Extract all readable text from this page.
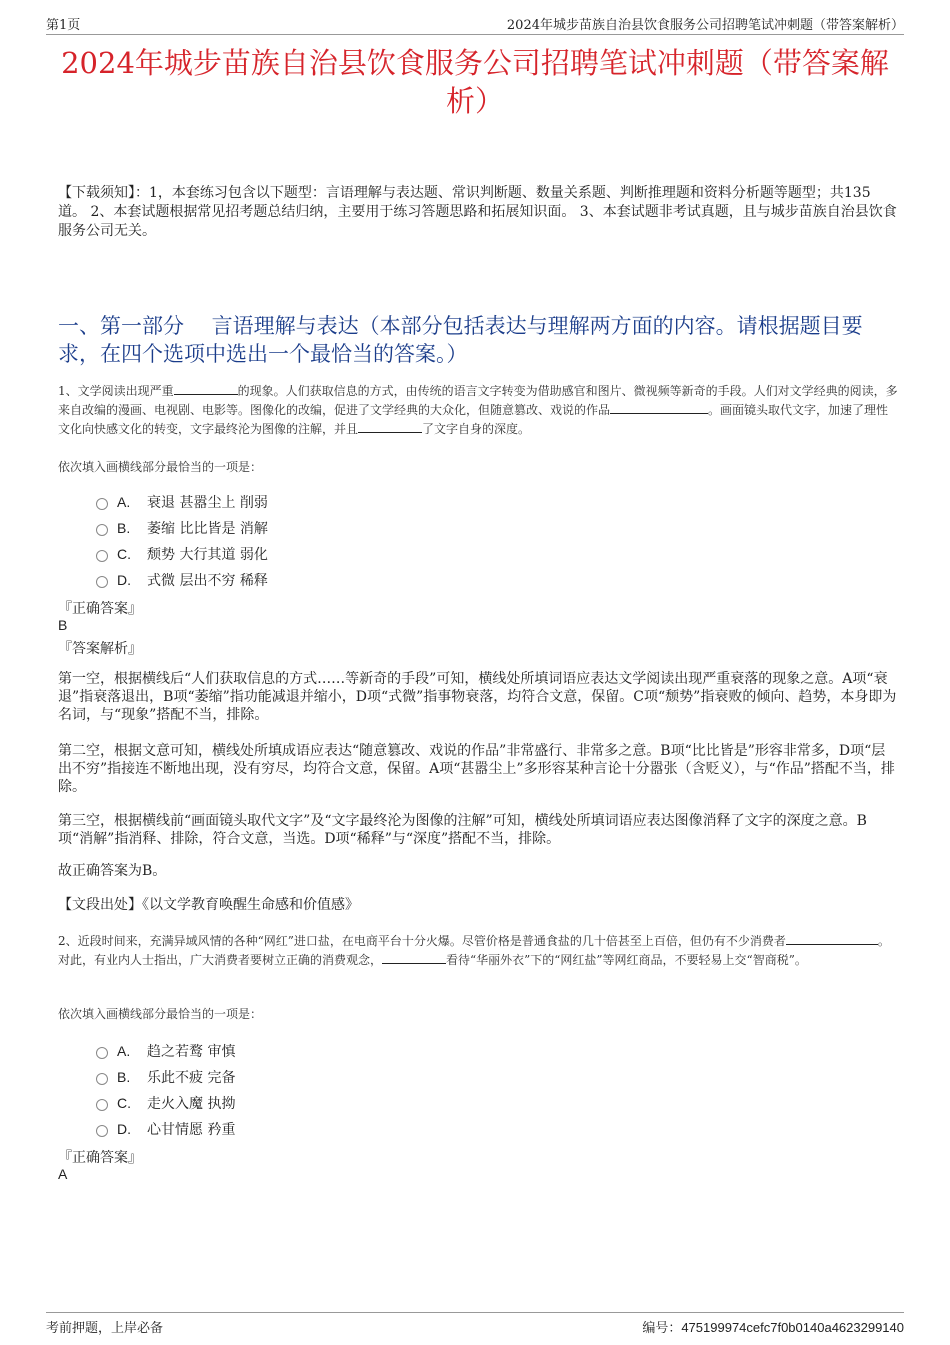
第1页	2024年城步苗族自治县饮食服务公司招聘笔试冲刺题（带答案解析）
2024年城步苗族自治县饮食服务公司招聘笔试冲刺题（带答案解析）
【下载须知】：1，本套练习包含以下题型：言语理解与表达题、常识判断题、数量关系题、判断推理题和资料分析题等题型；共135道。 2、本套试题根据常见招考题总结归纳，主要用于练习答题思路和拓展知识面。 3、本套试题非考试真题，且与城步苗族自治县饮食服务公司无关。
一、第一部分　 言语理解与表达（本部分包括表达与理解两方面的内容。请根据题目要求，在四个选项中选出一个最恰当的答案。）
1、文学阅读出现严重	的现象。人们获取信息的方式，由传统的语言文字转变为借助感官和图片、微视频等新奇的手段。人们对文学经典的阅读，多来自改编的漫画、电视剧、电影等。图像化的改编，促进了文学经典的大众化，但随意篡改、戏说的作品	。画面镜头取代文字，加速了理性文化向快感文化的转变，文字最终沦为图像的注解，并且	了文字自身的深度。
依次填入画横线部分最恰当的一项是：
A.	衰退 甚嚣尘上 削弱
B.	萎缩 比比皆是 消解
C.	颓势 大行其道 弱化
D.	式微 层出不穷 稀释
『正确答案』
B
『答案解析』
第一空，根据横线后“人们获取信息的方式……等新奇的手段”可知，横线处所填词语应表达文学阅读出现严重衰落的现象之意。A项“衰退”指衰落退出，B项“萎缩”指功能减退并缩小，D项“式微”指事物衰落，均符合文意，保留。C项“颓势”指衰败的倾向、趋势，本身即为名词，与“现象”搭配不当，排除。
第二空，根据文意可知，横线处所填成语应表达“随意篡改、戏说的作品”非常盛行、非常多之意。B项“比比皆是”形容非常多，D项“层出不穷”指接连不断地出现，没有穷尽，均符合文意，保留。A项“甚嚣尘上”多形容某种言论十分嚣张（含贬义），与“作品”搭配不当，排除。
第三空，根据横线前“画面镜头取代文字”及“文字最终沦为图像的注解”可知，横线处所填词语应表达图像消释了文字的深度之意。B项“消解”指消释、排除，符合文意，当选。D项“稀释”与“深度”搭配不当，排除。
故正确答案为B。
【文段出处】《以文学教育唤醒生命感和价值感》
2、近段时间来，充满异域风情的各种“网红”进口盐，在电商平台十分火爆。尽管价格是普通食盐的几十倍甚至上百倍，但仍有不少消费者	。对此，有业内人士指出，广大消费者要树立正确的消费观念，	看待“华丽外衣”下的“网红盐”等网红商品，不要轻易上交“智商税”。
依次填入画横线部分最恰当的一项是：
A.	趋之若鹜 审慎
B.	乐此不疲 完备
C.	走火入魔 执拗
D.	心甘情愿 矜重
『正确答案』
A
考前押题，上岸必备	编号：475199974cefc7f0b0140a4623299140
